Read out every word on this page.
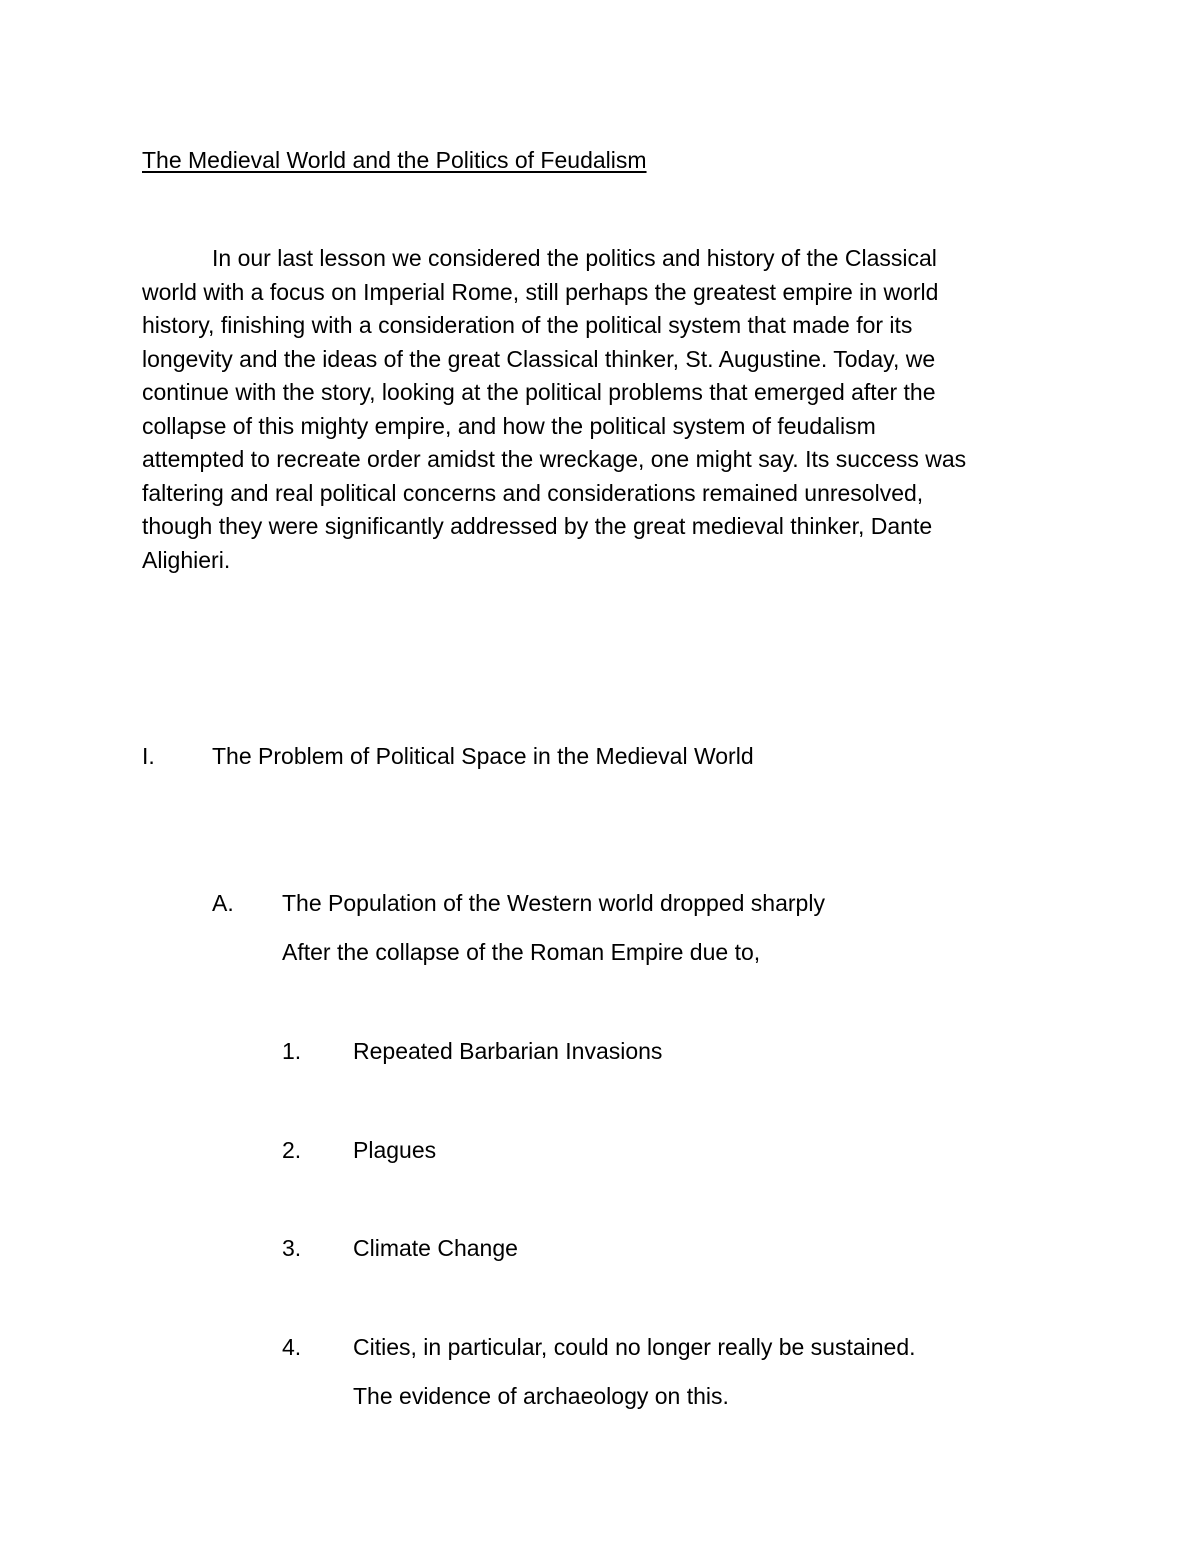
The Medieval World and the Politics of Feudalism

In our last lesson we considered the politics and history of the Classical
world with a focus on Imperial Rome, still perhaps the greatest empire in world
history, finishing with a consideration of the political system that made for its
longevity and the ideas of the great Classical thinker, St. Augustine. Today, we
continue with the story, looking at the political problems that emerged after the
collapse of this mighty empire, and how the political system of feudalism
attempted to recreate order amidst the wreckage, one might say. Its success was
faltering and real political concerns and considerations remained unresolved,
though they were significantly addressed by the great medieval thinker, Dante
Alighieri.

I. The Problem of Political Space in the Medieval World
A. The Population of the Western world dropped sharply
After the collapse of the Roman Empire due to,
1. Repeated Barbarian Invasions
2. Plagues
3. Climate Change
4. Cities, in particular, could no longer really be sustained.
The evidence of archaeology on this.
